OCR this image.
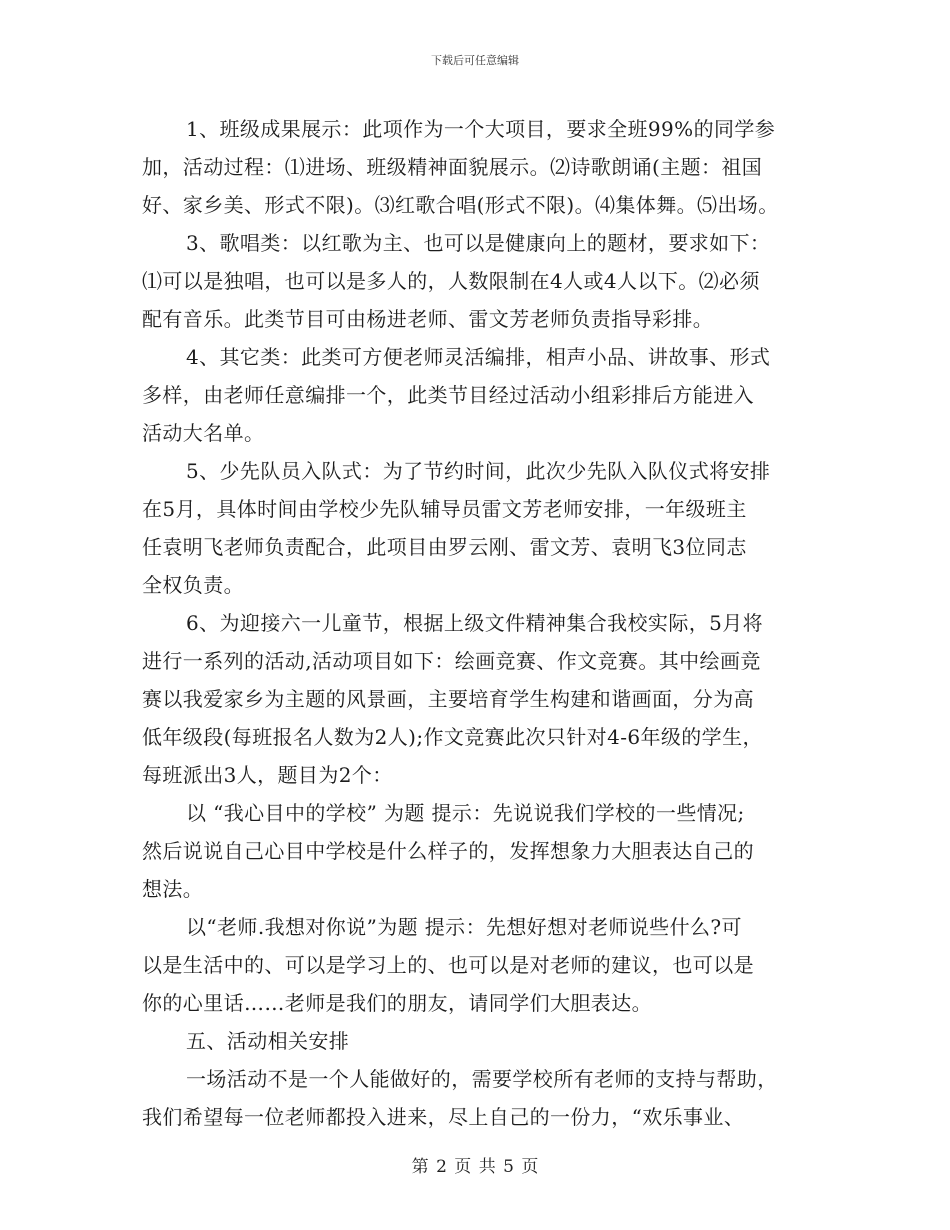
下载后可任意编辑
1、班级成果展示：此项作为一个大项目，要求全班99%的同学参
加，活动过程：⑴进场、班级精神面貌展示。⑵诗歌朗诵(主题：祖国
好、家乡美、形式不限)。⑶红歌合唱(形式不限)。⑷集体舞。⑸出场。
3、歌唱类：以红歌为主、也可以是健康向上的题材，要求如下：
⑴可以是独唱，也可以是多人的，人数限制在4人或4人以下。⑵必须
配有音乐。此类节目可由杨进老师、雷文芳老师负责指导彩排。
4、其它类：此类可方便老师灵活编排，相声小品、讲故事、形式
多样，由老师任意编排一个，此类节目经过活动小组彩排后方能进入
活动大名单。
5、少先队员入队式：为了节约时间，此次少先队入队仪式将安排
在5月，具体时间由学校少先队辅导员雷文芳老师安排，一年级班主
任袁明飞老师负责配合，此项目由罗云刚、雷文芳、袁明飞3位同志
全权负责。
6、为迎接六一儿童节，根据上级文件精神集合我校实际，5月将
进行一系列的活动,活动项目如下：绘画竞赛、作文竞赛。其中绘画竞
赛以我爱家乡为主题的风景画，主要培育学生构建和谐画面，分为高
低年级段(每班报名人数为2人);作文竞赛此次只针对4-6年级的学生，
每班派出3人，题目为2个：
以 “我心目中的学校” 为题 提示：先说说我们学校的一些情况;
然后说说自己心目中学校是什么样子的，发挥想象力大胆表达自己的
想法。
以“老师.我想对你说”为题 提示：先想好想对老师说些什么?可
以是生活中的、可以是学习上的、也可以是对老师的建议，也可以是
你的心里话……老师是我们的朋友，请同学们大胆表达。
五、活动相关安排
一场活动不是一个人能做好的，需要学校所有老师的支持与帮助，
我们希望每一位老师都投入进来，尽上自己的一份力，“欢乐事业、
第 2 页 共 5 页
